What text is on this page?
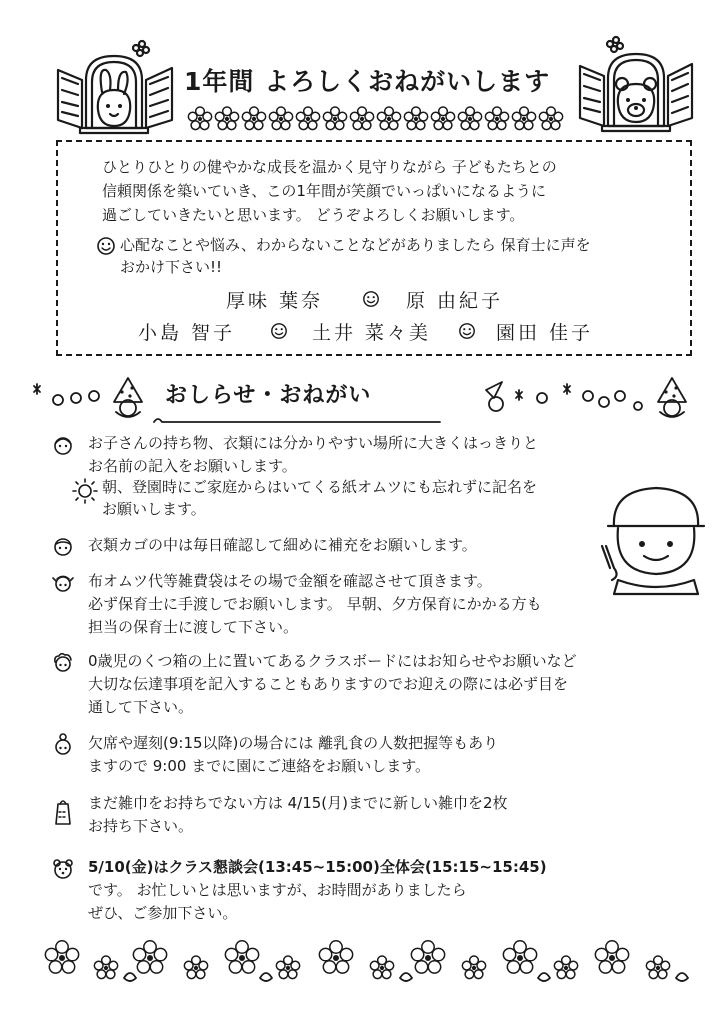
1年間 よろしくおねがいします
ひとりひとりの健やかな成長を温かく見守りながら 子どもたちとの
信頼関係を築いていき、この1年間が笑顔でいっぱいになるように
過ごしていきたいと思います。 どうぞよろしくお願いします。
心配なことや悩み、わからないことなどがありましたら 保育士に声を
おかけ下さい!!
厚味 葉奈	原 由紀子
小島 智子	土井 菜々美	園田 佳子
おしらせ・おねがい
お子さんの持ち物、衣類には分かりやすい場所に大きくはっきりと
お名前の記入をお願いします。
朝、登園時にご家庭からはいてくる紙オムツにも忘れずに記名を
お願いします。
衣類カゴの中は毎日確認して細めに補充をお願いします。
布オムツ代等雑費袋はその場で金額を確認させて頂きます。
必ず保育士に手渡しでお願いします。 早朝、夕方保育にかかる方も
担当の保育士に渡して下さい。
0歳児のくつ箱の上に置いてあるクラスボードにはお知らせやお願いなど
大切な伝達事項を記入することもありますのでお迎えの際には必ず目を
通して下さい。
欠席や遅刻(9:15以降)の場合には 離乳食の人数把握等もあり
ますので 9:00 までに園にご連絡をお願いします。
まだ雑巾をお持ちでない方は 4/15(月)までに新しい雑巾を2枚
お持ち下さい。
5/10(金)はクラス懇談会(13:45~15:00)全体会(15:15~15:45)
です。 お忙しいとは思いますが、お時間がありましたら
ぜひ、ご参加下さい。
